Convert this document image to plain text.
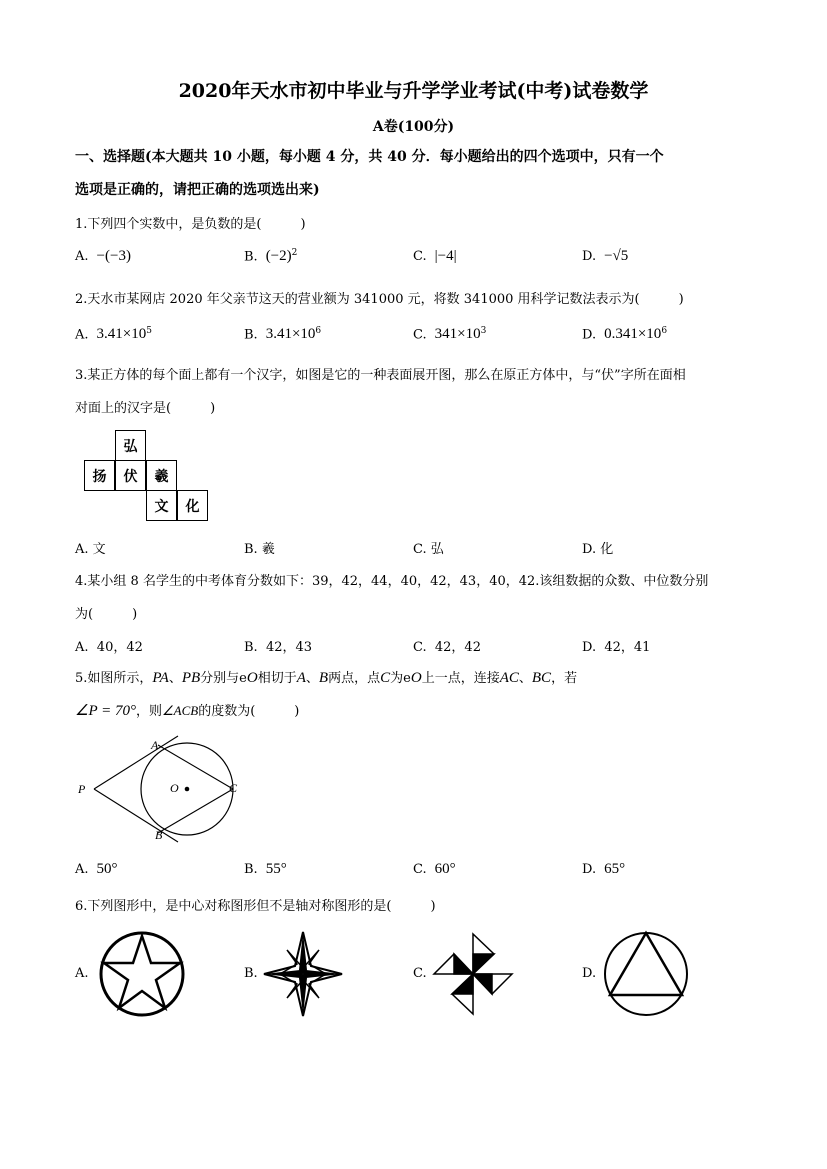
2020年天水市初中毕业与升学学业考试(中考)试卷数学
A卷(100分)
一、选择题(本大题共 10 小题，每小题 4 分，共 40 分．每小题给出的四个选项中，只有一个
选项是正确的，请把正确的选项选出来)
1.下列四个实数中，是负数的是(　　　)
A. −(−3)	B. $(-2)^2$	C. |−4|	D. −√5
2.天水市某网店 2020 年父亲节这天的营业额为 341000 元，将数 341000 用科学记数法表示为(　　　)
A. $3.41\times 10^5$	B. $3.41\times 10^6$	C. $341\times 10^3$	D. $0.341\times 10^6$
3.某正方体的每个面上都有一个汉字，如图是它的一种表面展开图，那么在原正方体中，与“伏”字所在面相
对面上的汉字是(　　　)
弘
扬	伏	羲
文	化
A. 文	B. 羲	C. 弘	D. 化
4.某小组 8 名学生的中考体育分数如下：39，42，44，40，42，43，40，42.该组数据的众数、中位数分别
为(　　　)
A. 40，42	B. 42，43	C. 42，42	D. 42，41
5.如图所示，PA、PB分别与eO相切于A、B两点，点C为eO上一点，连接AC、BC，若
∠P = 70°，则∠ACB的度数为(　　　)
A
B
P	O	C
A. 50°	B. 55°	C. 60°	D. 65°
6.下列图形中，是中心对称图形但不是轴对称图形的是(　　　)
A.	B.	C.	D.
